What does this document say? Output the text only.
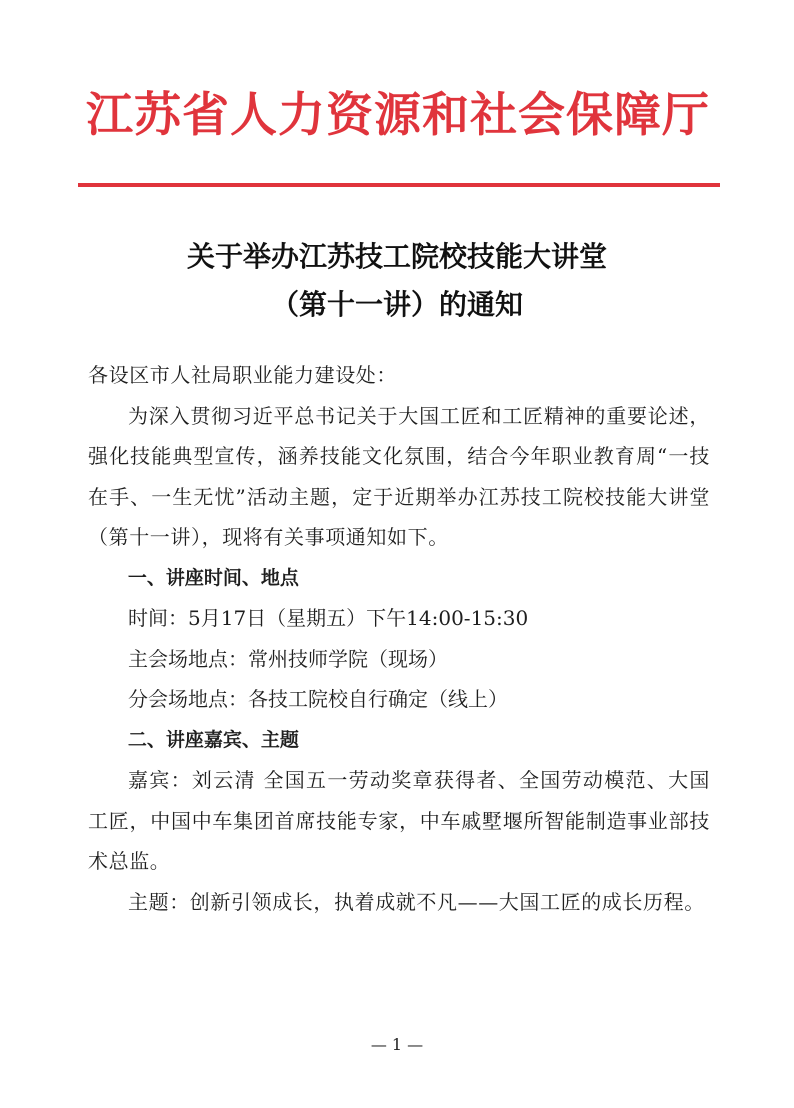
江苏省人力资源和社会保障厅
关于举办江苏技工院校技能大讲堂
（第十一讲）的通知

各设区市人社局职业能力建设处：

为深入贯彻习近平总书记关于大国工匠和工匠精神的重要论述，强化技能典型宣传，涵养技能文化氛围，结合今年职业教育周“一技在手、一生无忧”活动主题，定于近期举办江苏技工院校技能大讲堂（第十一讲），现将有关事项通知如下。

一、讲座时间、地点

时间：5月17日（星期五）下午14:00-15:30

主会场地点：常州技师学院（现场）

分会场地点：各技工院校自行确定（线上）

二、讲座嘉宾、主题

嘉宾：刘云清 全国五一劳动奖章获得者、全国劳动模范、大国工匠，中国中车集团首席技能专家，中车戚墅堰所智能制造事业部技术总监。

主题：创新引领成长，执着成就不凡——大国工匠的成长历程。

— 1 —
